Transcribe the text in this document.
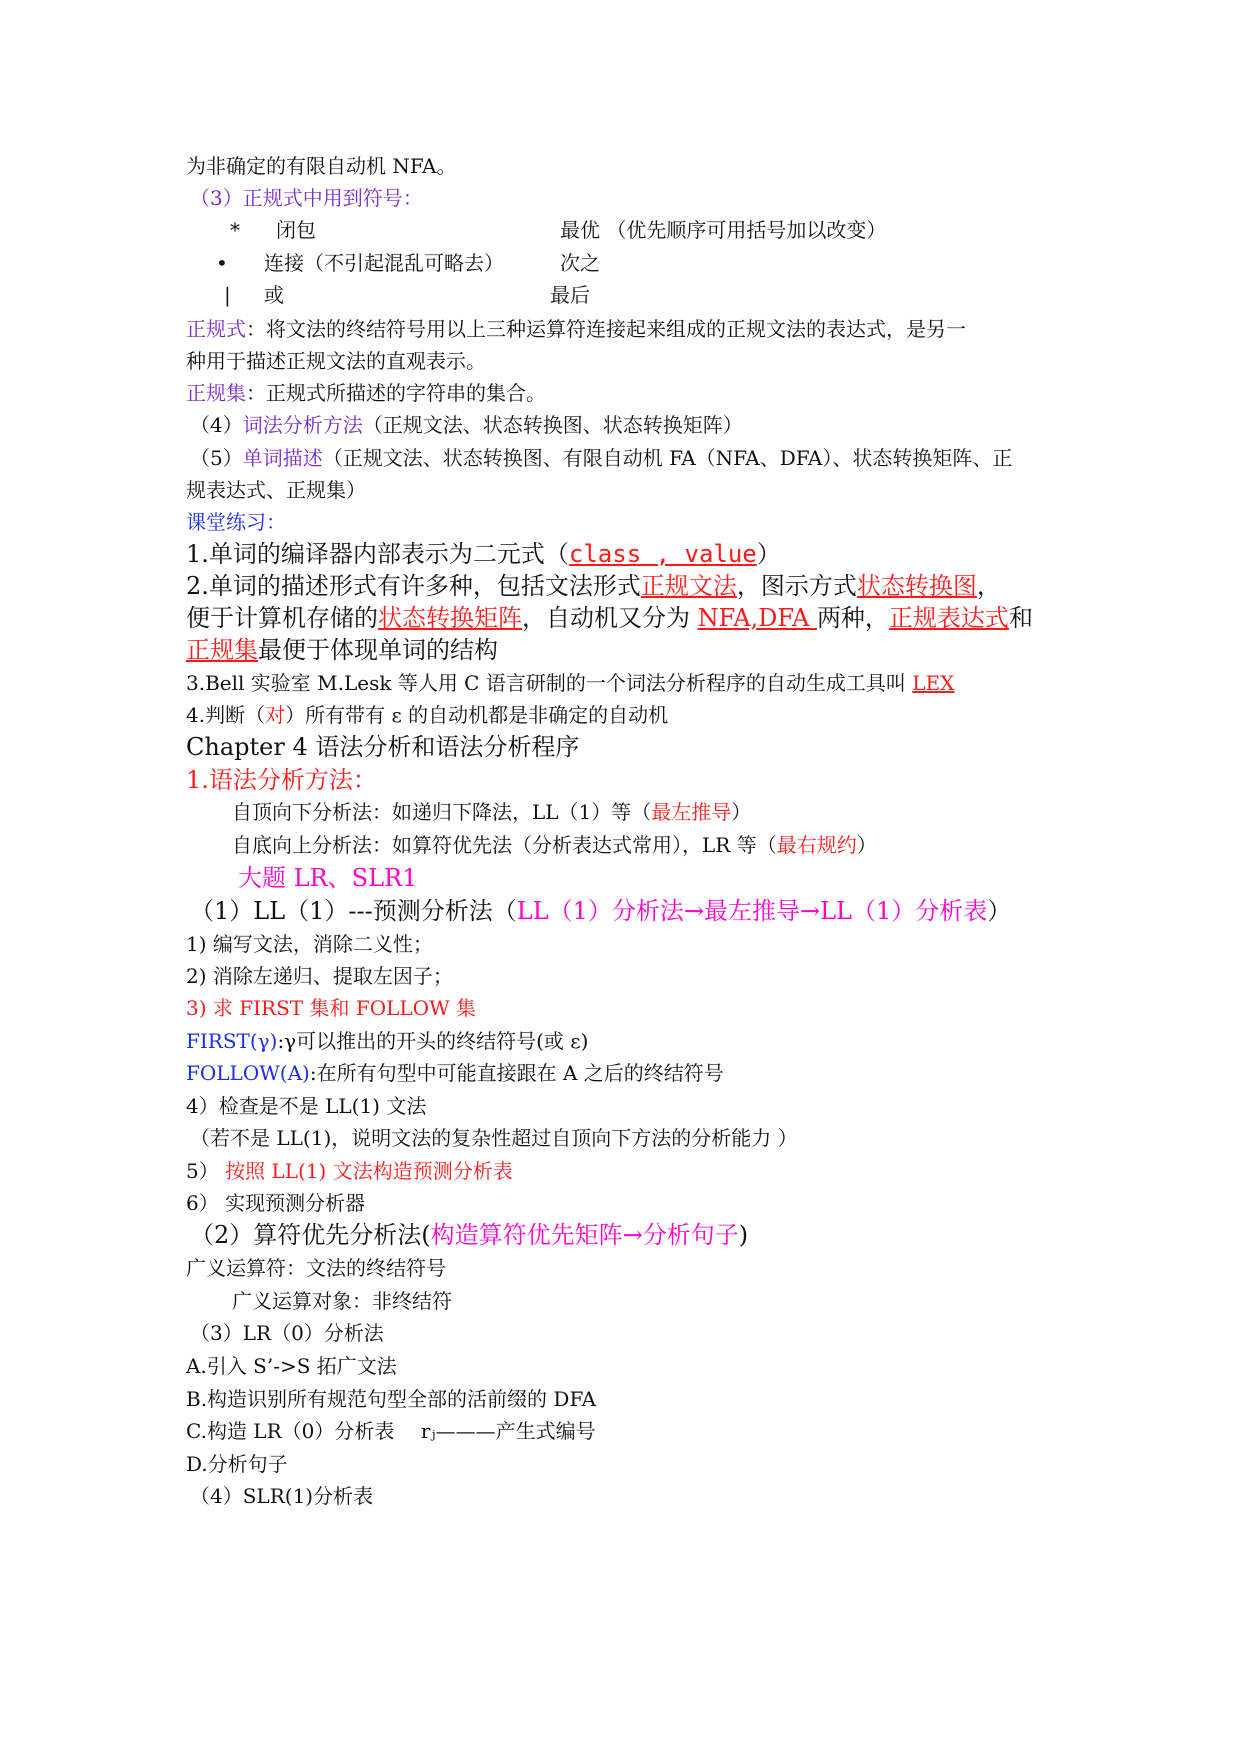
为非确定的有限自动机 NFA。
（3）正规式中用到符号：
* 闭包	最优 （优先顺序可用括号加以改变）
• 连接（不引起混乱可略去）	次之
| 或	最后
正规式：将文法的终结符号用以上三种运算符连接起来组成的正规文法的表达式，是另一
种用于描述正规文法的直观表示。
正规集：正规式所描述的字符串的集合。
（4）词法分析方法（正规文法、状态转换图、状态转换矩阵）
（5）单词描述（正规文法、状态转换图、有限自动机 FA（NFA、DFA）、状态转换矩阵、正
规表达式、正规集）
课堂练习：
1.单词的编译器内部表示为二元式（class , value）
2.单词的描述形式有许多种，包括文法形式正规文法，图示方式状态转换图，
便于计算机存储的状态转换矩阵，自动机又分为 NFA,DFA 两种，正规表达式和
正规集最便于体现单词的结构
3.Bell 实验室 M.Lesk 等人用 C 语言研制的一个词法分析程序的自动生成工具叫 LEX
4.判断（对）所有带有 ε 的自动机都是非确定的自动机
Chapter 4 语法分析和语法分析程序
1.语法分析方法：
自顶向下分析法：如递归下降法，LL（1）等（最左推导）
自底向上分析法：如算符优先法（分析表达式常用），LR 等（最右规约）
大题 LR、SLR1
（1）LL（1）---预测分析法（LL（1）分析法→最左推导→LL（1）分析表）
1) 编写文法，消除二义性；
2) 消除左递归、提取左因子；
3) 求 FIRST 集和 FOLLOW 集
FIRST(γ):γ可以推出的开头的终结符号(或 ε)
FOLLOW(A):在所有句型中可能直接跟在 A 之后的终结符号
4）检查是不是 LL(1) 文法
（若不是 LL(1)，说明文法的复杂性超过自顶向下方法的分析能力 ）
5） 按照 LL(1) 文法构造预测分析表
6） 实现预测分析器
（2）算符优先分析法(构造算符优先矩阵→分析句子)
广义运算符：文法的终结符号
广义运算对象：非终结符
（3）LR（0）分析法
A.引入 S’->S 拓广文法
B.构造识别所有规范句型全部的活前缀的 DFA
C.构造 LR（0）分析表　 rⱼ———产生式编号
D.分析句子
（4）SLR(1)分析表
